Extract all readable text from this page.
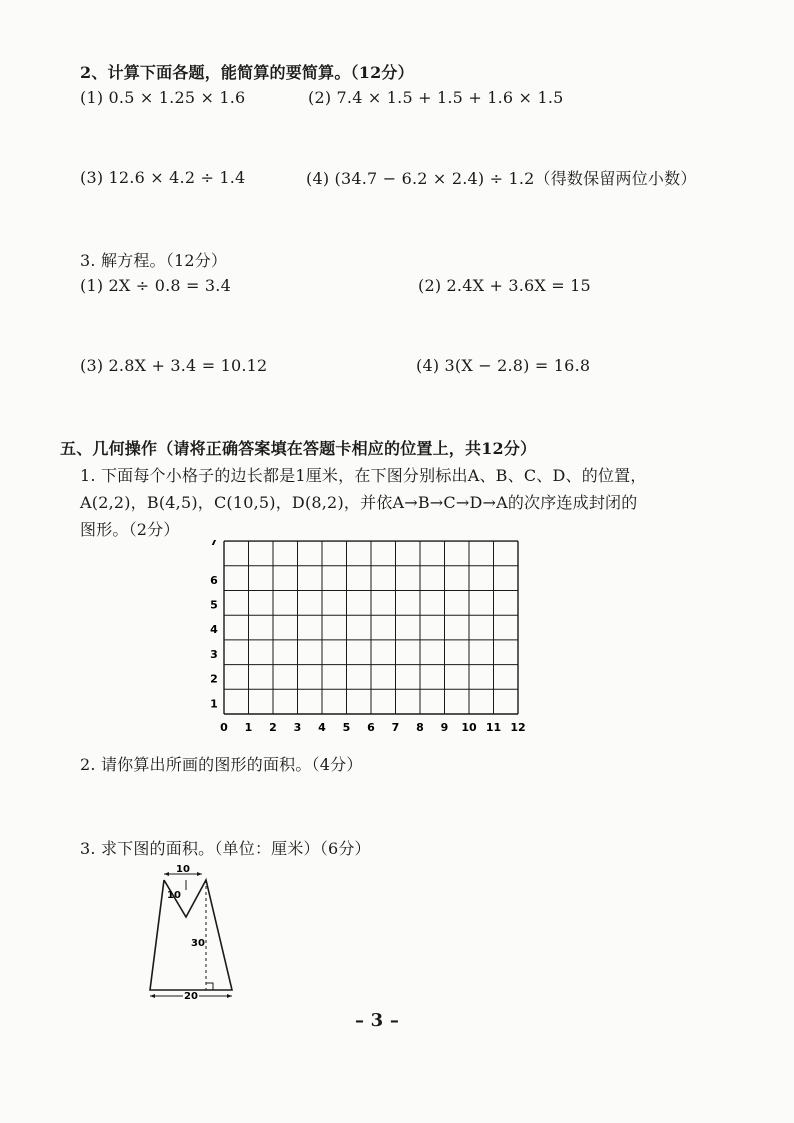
2、计算下面各题，能简算的要简算。（12分）
(1) 0.5 × 1.25 × 1.6	(2) 7.4 × 1.5 + 1.5 + 1.6 × 1.5
(3) 12.6 × 4.2 ÷ 1.4	(4) (34.7 − 6.2 × 2.4) ÷ 1.2（得数保留两位小数）
3. 解方程。（12分）
(1) 2X ÷ 0.8 = 3.4	(2) 2.4X + 3.6X = 15
(3) 2.8X + 3.4 = 10.12	(4) 3(X − 2.8) = 16.8
五、几何操作（请将正确答案填在答题卡相应的位置上，共12分）
1. 下面每个小格子的边长都是1厘米，在下图分别标出A、B、C、D、的位置，
A(2,2)，B(4,5)，C(10,5)，D(8,2)，并依A→B→C→D→A的次序连成封闭的
图形。（2分）
0 1 2 3 4 5 6 7 8 9 10 11 12
1
2
3
4
5
6
7
2. 请你算出所画的图形的面积。（4分）
3. 求下图的面积。（单位：厘米）（6分）
10
10
30
20
– 3 –
